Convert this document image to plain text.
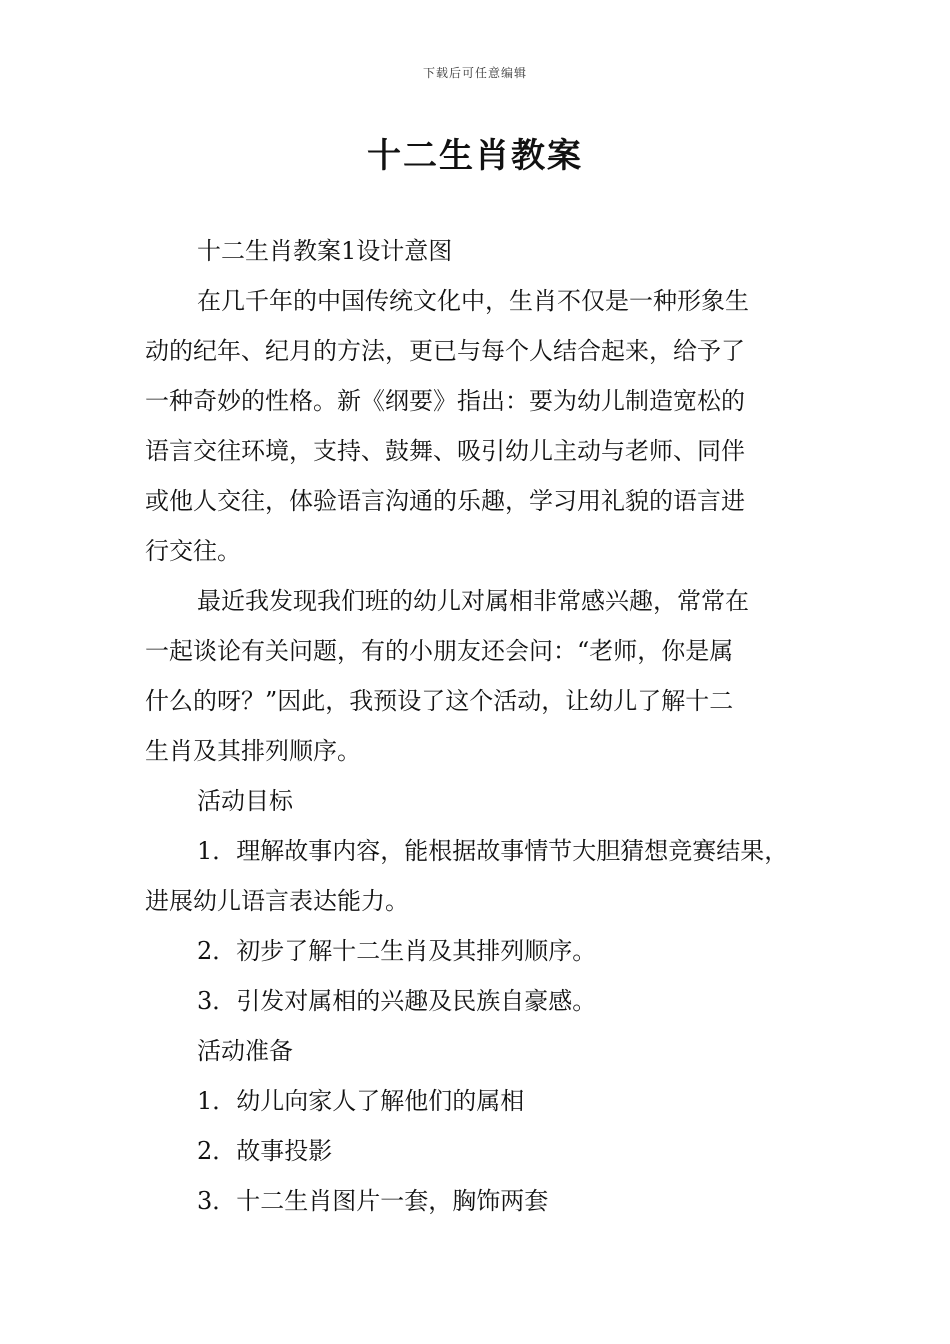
下载后可任意编辑
十二生肖教案
十二生肖教案1设计意图
在几千年的中国传统文化中，生肖不仅是一种形象生
动的纪年、纪月的方法，更已与每个人结合起来，给予了
一种奇妙的性格。新《纲要》指出：要为幼儿制造宽松的
语言交往环境，支持、鼓舞、吸引幼儿主动与老师、同伴
或他人交往，体验语言沟通的乐趣，学习用礼貌的语言进
行交往。
最近我发现我们班的幼儿对属相非常感兴趣，常常在
一起谈论有关问题，有的小朋友还会问：“老师，你是属
什么的呀？”因此，我预设了这个活动，让幼儿了解十二
生肖及其排列顺序。
活动目标
1．理解故事内容，能根据故事情节大胆猜想竞赛结果，
进展幼儿语言表达能力。
2．初步了解十二生肖及其排列顺序。
3．引发对属相的兴趣及民族自豪感。
活动准备
1．幼儿向家人了解他们的属相
2．故事投影
3．十二生肖图片一套，胸饰两套
